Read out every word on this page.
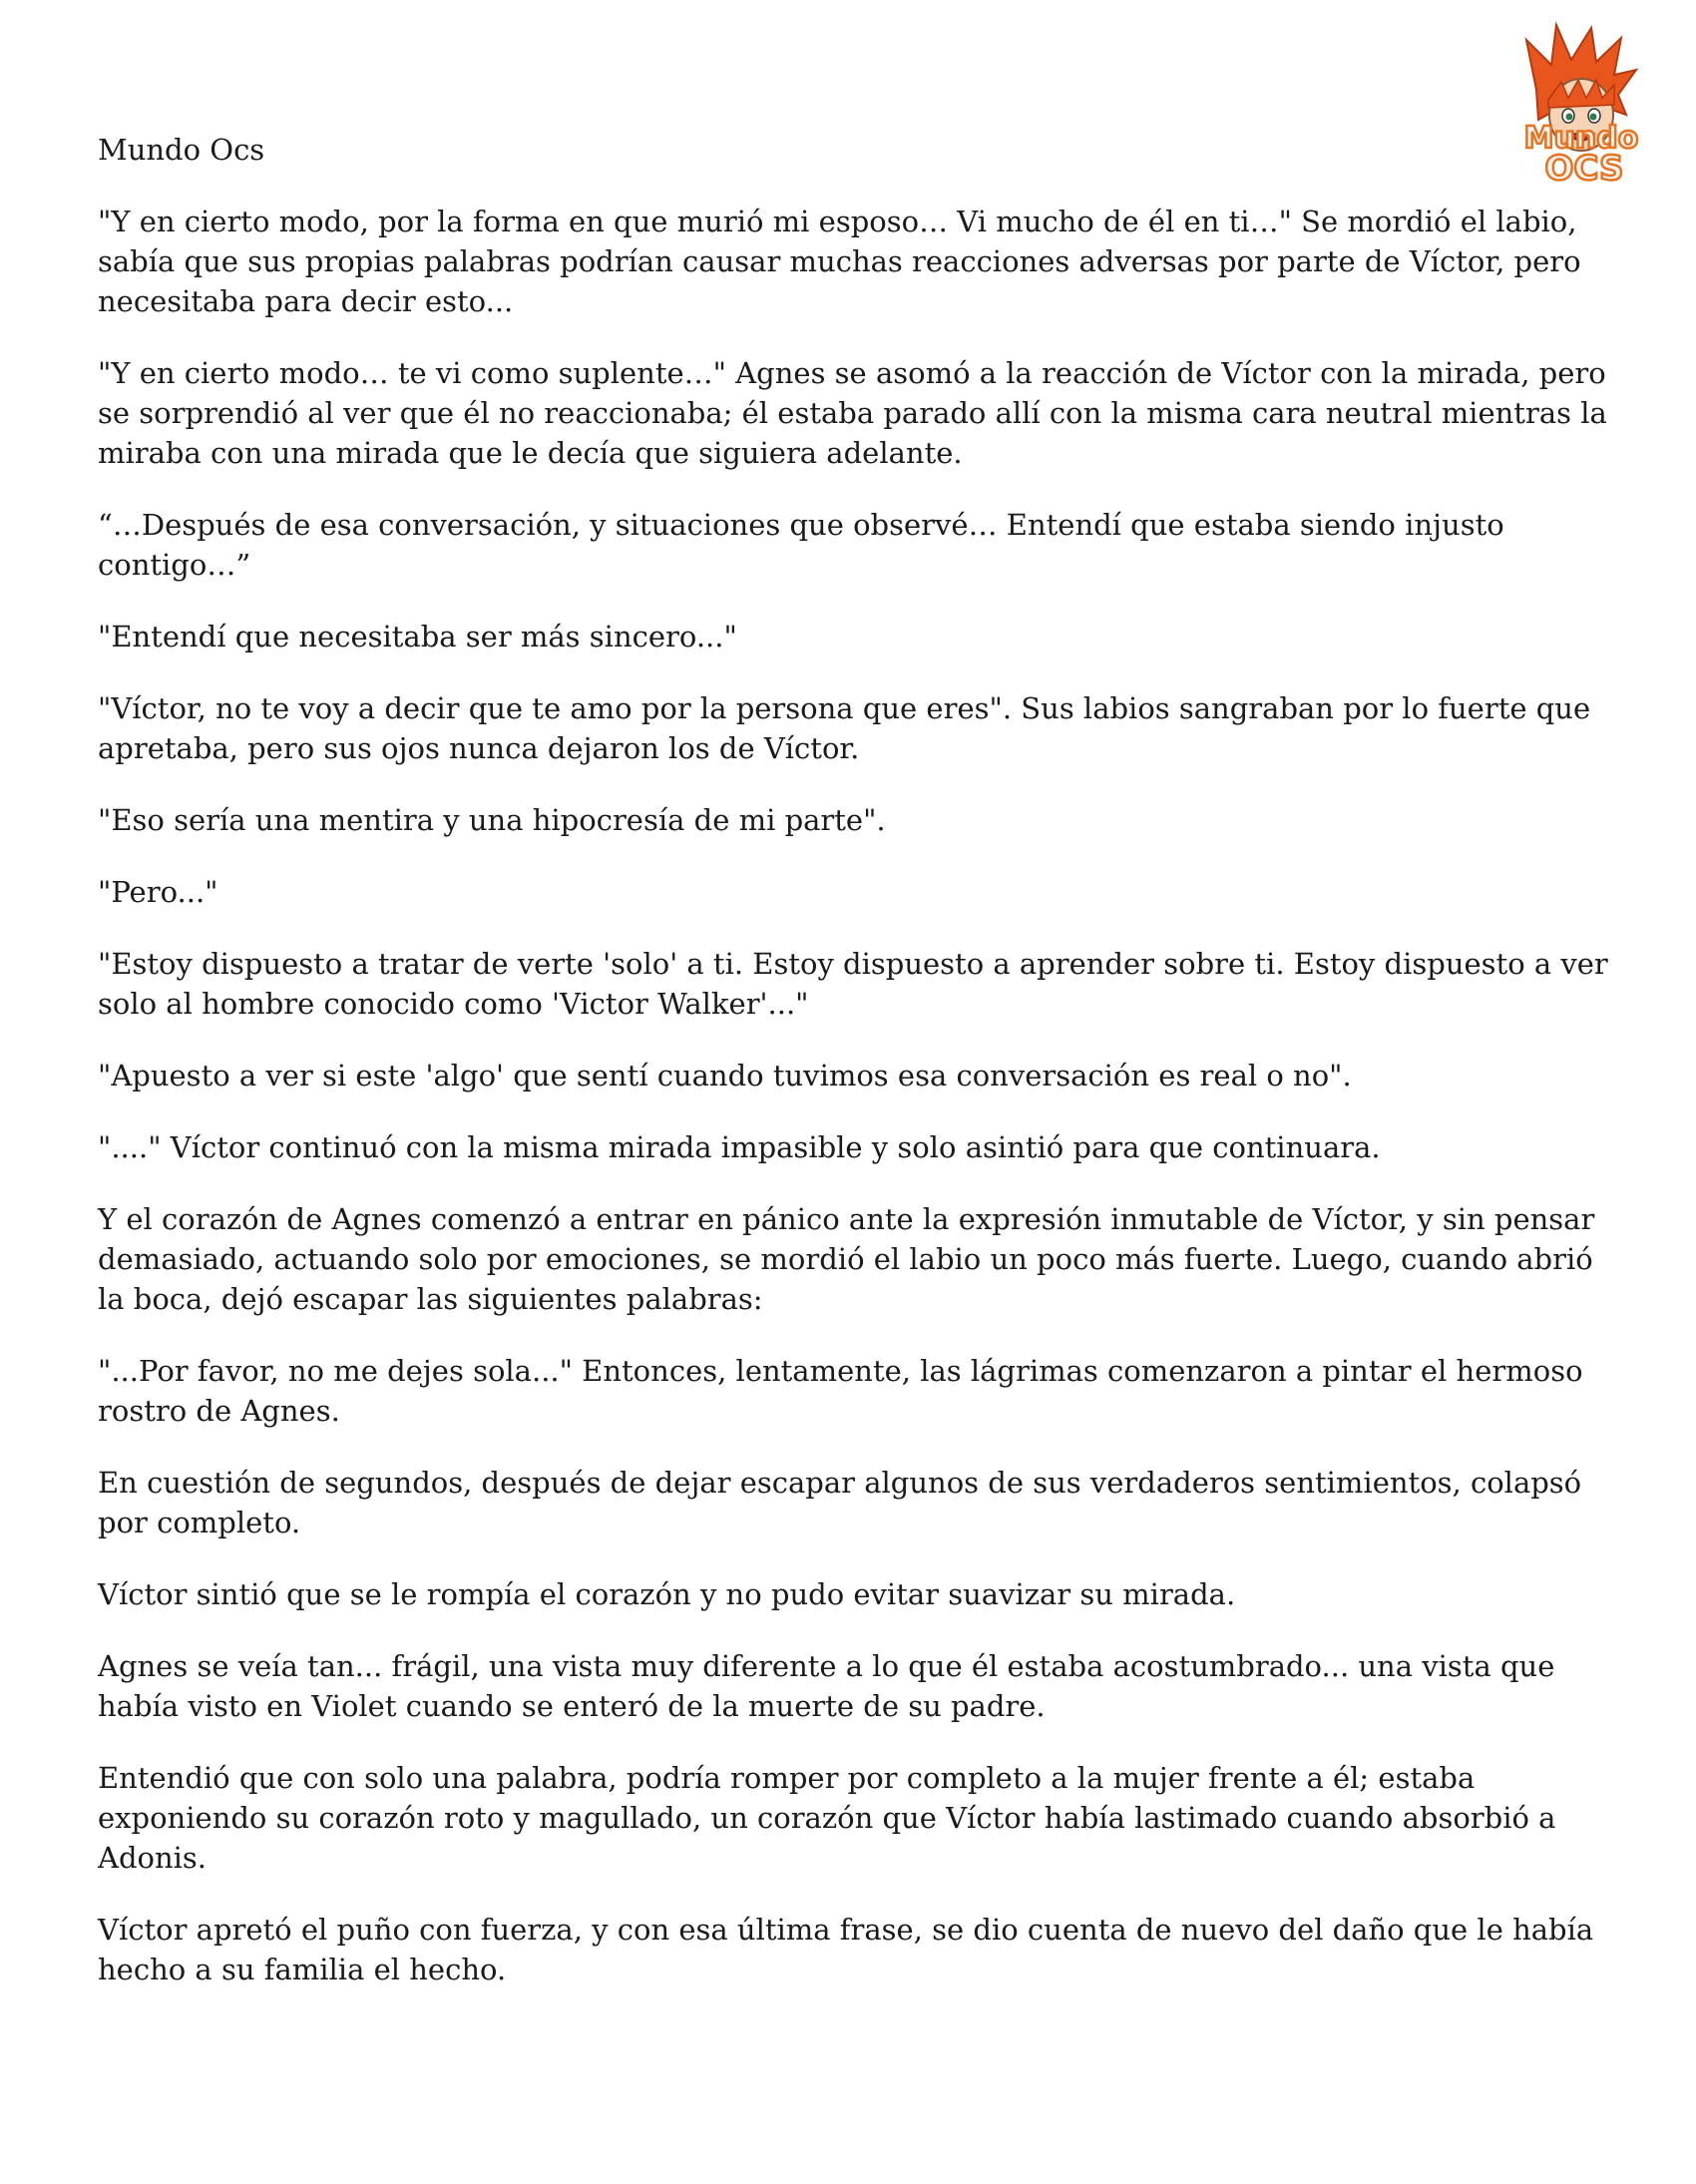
Mundo
OCS

Mundo Ocs

"Y en cierto modo, por la forma en que murió mi esposo… Vi mucho de él en ti…" Se mordió el labio, sabía que sus propias palabras podrían causar muchas reacciones adversas por parte de Víctor, pero necesitaba para decir esto...

"Y en cierto modo… te vi como suplente…" Agnes se asomó a la reacción de Víctor con la mirada, pero se sorprendió al ver que él no reaccionaba; él estaba parado allí con la misma cara neutral mientras la miraba con una mirada que le decía que siguiera adelante.

“…Después de esa conversación, y situaciones que observé… Entendí que estaba siendo injusto contigo…”

"Entendí que necesitaba ser más sincero..."

"Víctor, no te voy a decir que te amo por la persona que eres". Sus labios sangraban por lo fuerte que apretaba, pero sus ojos nunca dejaron los de Víctor.

"Eso sería una mentira y una hipocresía de mi parte".

"Pero..."

"Estoy dispuesto a tratar de verte 'solo' a ti. Estoy dispuesto a aprender sobre ti. Estoy dispuesto a ver solo al hombre conocido como 'Victor Walker'..."

"Apuesto a ver si este 'algo' que sentí cuando tuvimos esa conversación es real o no".

"...." Víctor continuó con la misma mirada impasible y solo asintió para que continuara.

Y el corazón de Agnes comenzó a entrar en pánico ante la expresión inmutable de Víctor, y sin pensar demasiado, actuando solo por emociones, se mordió el labio un poco más fuerte. Luego, cuando abrió la boca, dejó escapar las siguientes palabras:

"...Por favor, no me dejes sola..." Entonces, lentamente, las lágrimas comenzaron a pintar el hermoso rostro de Agnes.

En cuestión de segundos, después de dejar escapar algunos de sus verdaderos sentimientos, colapsó por completo.

Víctor sintió que se le rompía el corazón y no pudo evitar suavizar su mirada.

Agnes se veía tan... frágil, una vista muy diferente a lo que él estaba acostumbrado... una vista que había visto en Violet cuando se enteró de la muerte de su padre.

Entendió que con solo una palabra, podría romper por completo a la mujer frente a él; estaba exponiendo su corazón roto y magullado, un corazón que Víctor había lastimado cuando absorbió a Adonis.

Víctor apretó el puño con fuerza, y con esa última frase, se dio cuenta de nuevo del daño que le había hecho a su familia el hecho.
